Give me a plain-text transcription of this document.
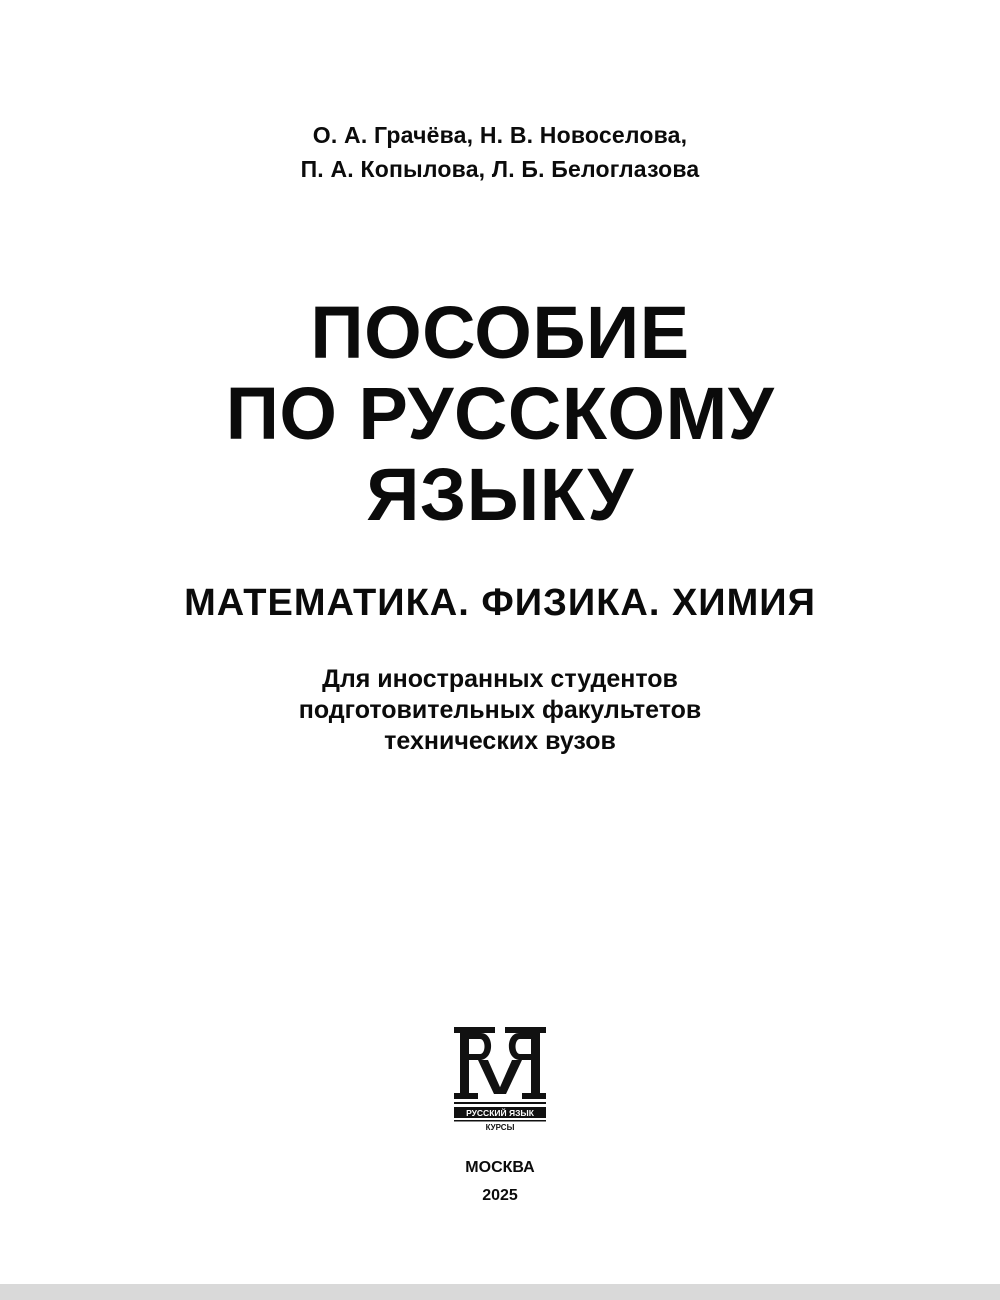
О. А. Грачёва, Н. В. Новоселова,
П. А. Копылова, Л. Б. Белоглазова
ПОСОБИЕ
ПО РУССКОМУ
ЯЗЫКУ
МАТЕМАТИКА. ФИЗИКА. ХИМИЯ
Для иностранных студентов
подготовительных факультетов
технических вузов
РУССКИЙ ЯЗЫК
КУРСЫ
МОСКВА
2025
